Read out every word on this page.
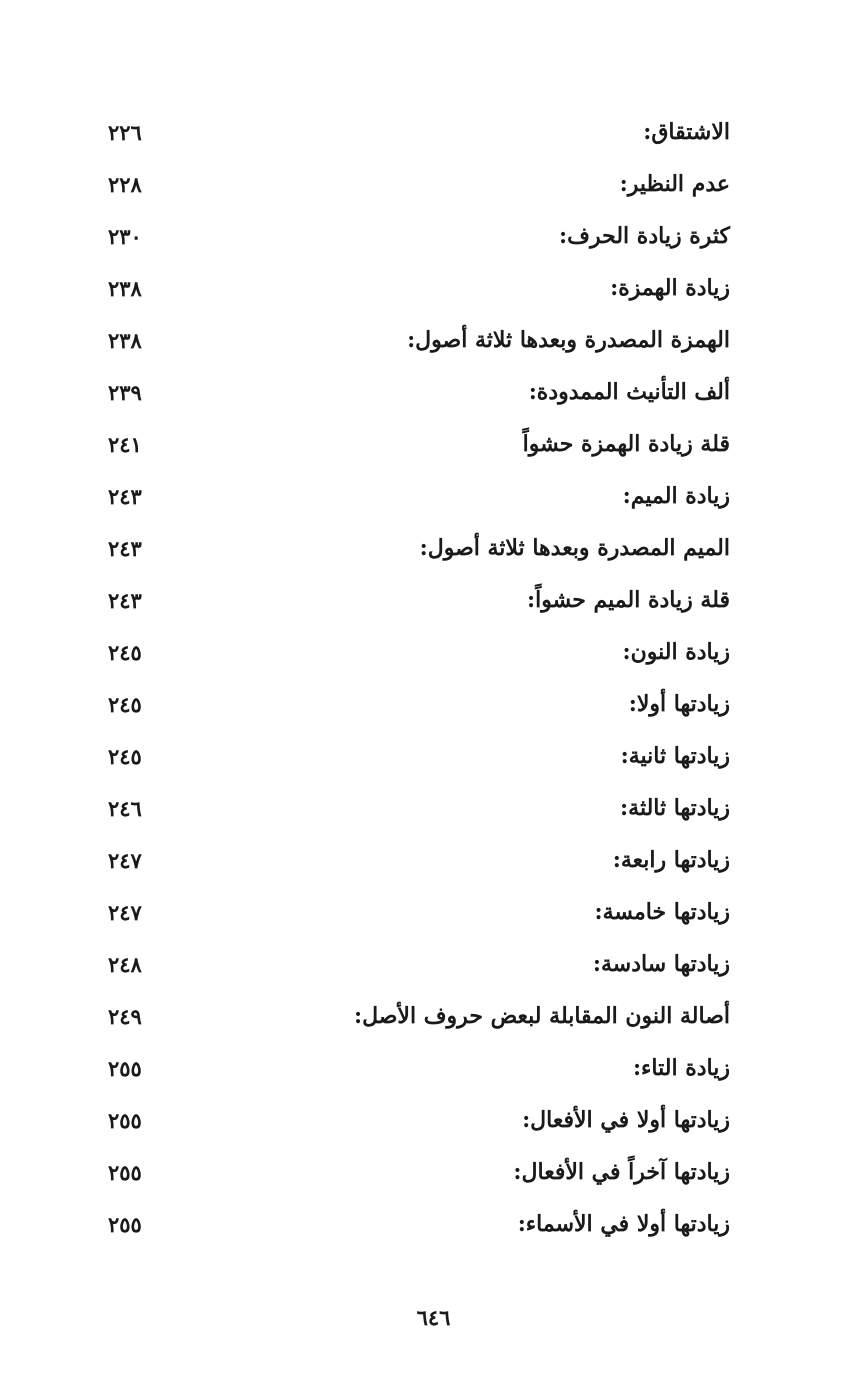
الاشتقاق:
٢٢٦
عدم النظير:
٢٢٨
كثرة زيادة الحرف:
٢٣٠
زيادة الهمزة:
٢٣٨
الهمزة المصدرة وبعدها ثلاثة أصول:
٢٣٨
ألف التأنيث الممدودة:
٢٣٩
قلة زيادة الهمزة حشواً
٢٤١
زيادة الميم:
٢٤٣
الميم المصدرة وبعدها ثلاثة أصول:
٢٤٣
قلة زيادة الميم حشواً:
٢٤٣
زيادة النون:
٢٤٥
زيادتها أولا:
٢٤٥
زيادتها ثانية:
٢٤٥
زيادتها ثالثة:
٢٤٦
زيادتها رابعة:
٢٤٧
زيادتها خامسة:
٢٤٧
زيادتها سادسة:
٢٤٨
أصالة النون المقابلة لبعض حروف الأصل:
٢٤٩
زيادة التاء:
٢٥٥
زيادتها أولا في الأفعال:
٢٥٥
زيادتها آخراً في الأفعال:
٢٥٥
زيادتها أولا في الأسماء:
٢٥٥
٦٤٦
